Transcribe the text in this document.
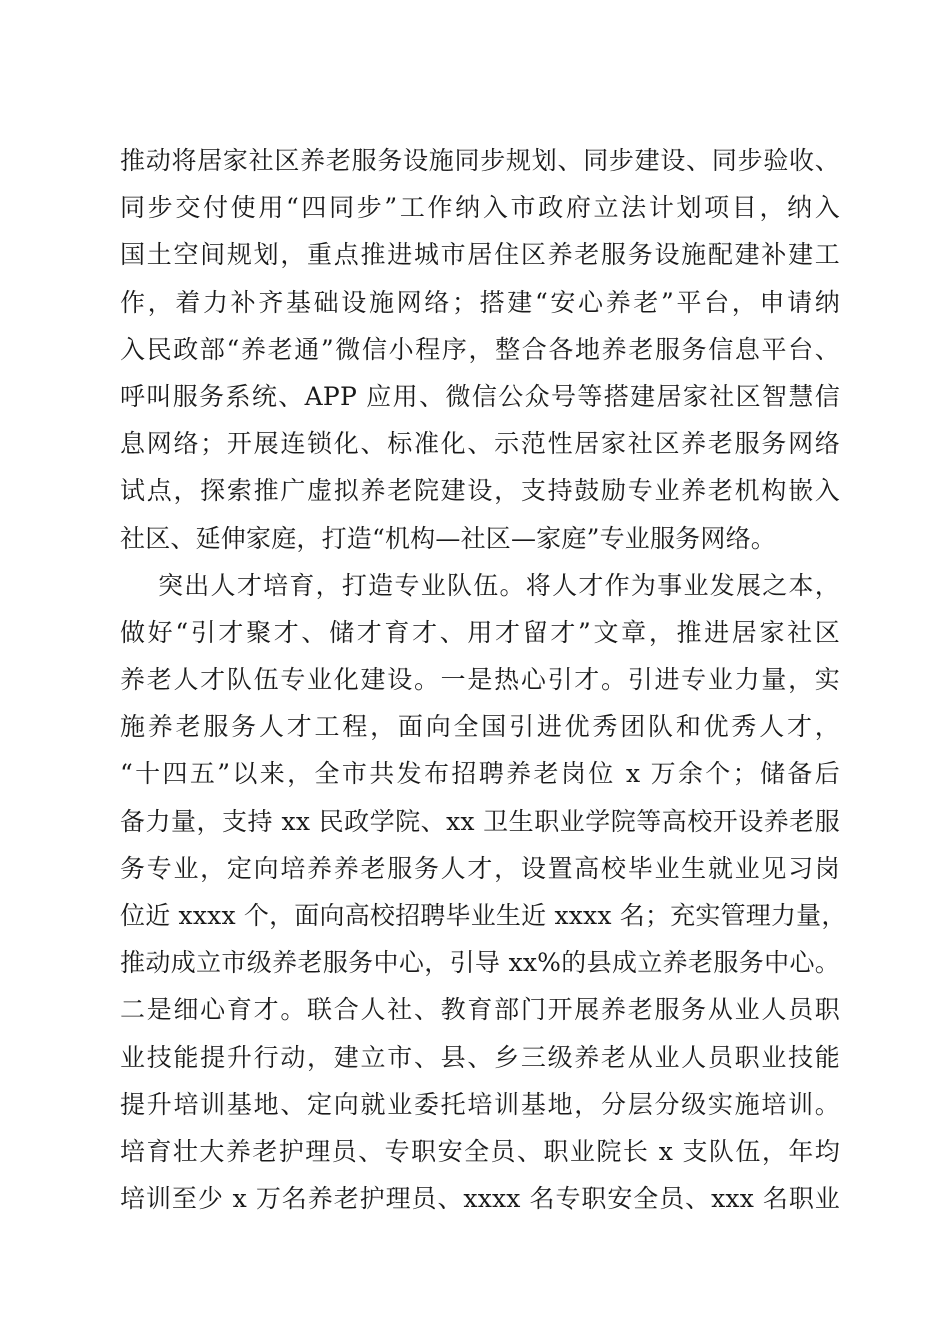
推动将居家社区养老服务设施同步规划、同步建设、同步验收、
同步交付使用“四同步”工作纳入市政府立法计划项目，纳入
国土空间规划，重点推进城市居住区养老服务设施配建补建工
作，着力补齐基础设施网络；搭建“安心养老”平台，申请纳
入民政部“养老通”微信小程序，整合各地养老服务信息平台、
呼叫服务系统、APP 应用、微信公众号等搭建居家社区智慧信
息网络；开展连锁化、标准化、示范性居家社区养老服务网络
试点，探索推广虚拟养老院建设，支持鼓励专业养老机构嵌入
社区、延伸家庭，打造“机构—社区—家庭”专业服务网络。
突出人才培育，打造专业队伍。将人才作为事业发展之本，
做好“引才聚才、储才育才、用才留才”文章，推进居家社区
养老人才队伍专业化建设。一是热心引才。引进专业力量，实
施养老服务人才工程，面向全国引进优秀团队和优秀人才，
“十四五”以来，全市共发布招聘养老岗位 x 万余个；储备后
备力量，支持 xx 民政学院、xx 卫生职业学院等高校开设养老服
务专业，定向培养养老服务人才，设置高校毕业生就业见习岗
位近 xxxx 个，面向高校招聘毕业生近 xxxx 名；充实管理力量，
推动成立市级养老服务中心，引导 xx%的县成立养老服务中心。
二是细心育才。联合人社、教育部门开展养老服务从业人员职
业技能提升行动，建立市、县、乡三级养老从业人员职业技能
提升培训基地、定向就业委托培训基地，分层分级实施培训。
培育壮大养老护理员、专职安全员、职业院长 x 支队伍，年均
培训至少 x 万名养老护理员、xxxx 名专职安全员、xxx 名职业
